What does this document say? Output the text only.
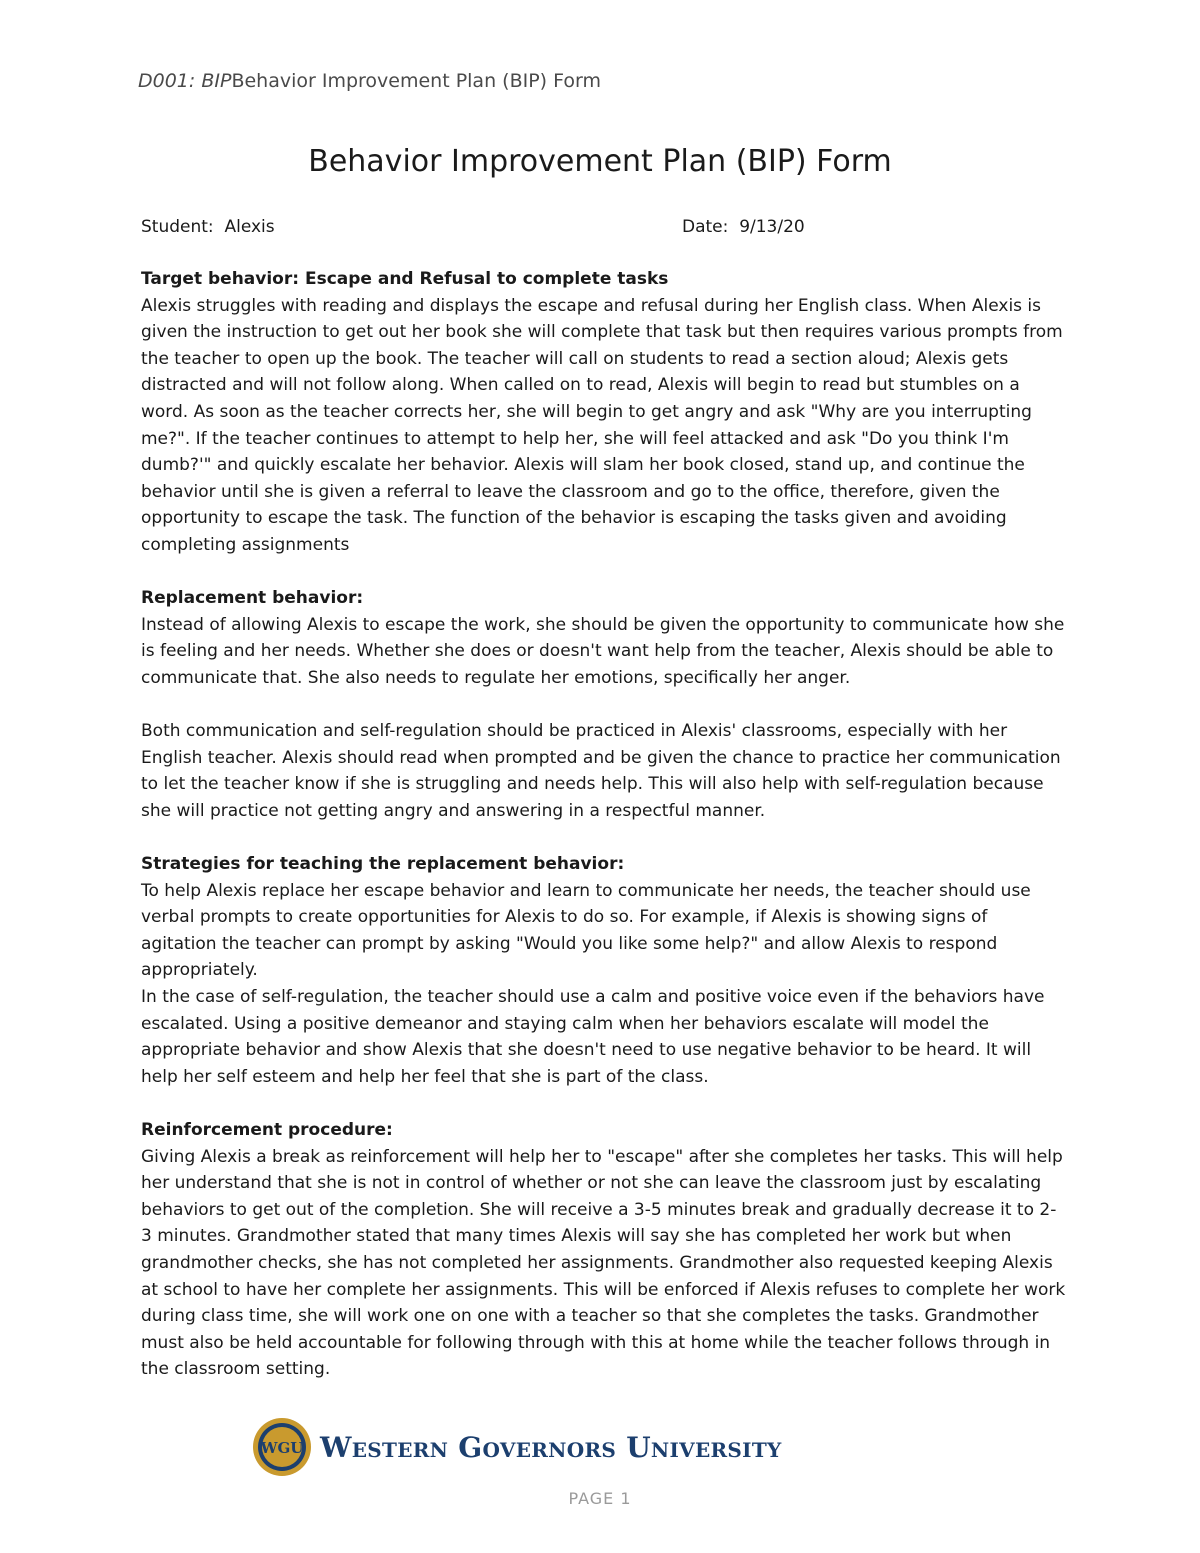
D001: BIPBehavior Improvement Plan (BIP) Form
Behavior Improvement Plan (BIP) Form
Student: Alexis	Date: 9/13/20
Target behavior: Escape and Refusal to complete tasks

Alexis struggles with reading and displays the escape and refusal during her English class. When Alexis is given the instruction to get out her book she will complete that task but then requires various prompts from the teacher to open up the book. The teacher will call on students to read a section aloud; Alexis gets distracted and will not follow along. When called on to read, Alexis will begin to read but stumbles on a word. As soon as the teacher corrects her, she will begin to get angry and ask "Why are you interrupting me?". If the teacher continues to attempt to help her, she will feel attacked and ask "Do you think I'm dumb?'" and quickly escalate her behavior. Alexis will slam her book closed, stand up, and continue the behavior until she is given a referral to leave the classroom and go to the office, therefore, given the opportunity to escape the task. The function of the behavior is escaping the tasks given and avoiding completing assignments

Replacement behavior:

Instead of allowing Alexis to escape the work, she should be given the opportunity to communicate how she is feeling and her needs. Whether she does or doesn't want help from the teacher, Alexis should be able to communicate that. She also needs to regulate her emotions, specifically her anger.

Both communication and self-regulation should be practiced in Alexis' classrooms, especially with her English teacher. Alexis should read when prompted and be given the chance to practice her communication to let the teacher know if she is struggling and needs help. This will also help with self-regulation because she will practice not getting angry and answering in a respectful manner.

Strategies for teaching the replacement behavior:

To help Alexis replace her escape behavior and learn to communicate her needs, the teacher should use verbal prompts to create opportunities for Alexis to do so. For example, if Alexis is showing signs of agitation the teacher can prompt by asking "Would you like some help?" and allow Alexis to respond appropriately.

In the case of self-regulation, the teacher should use a calm and positive voice even if the behaviors have escalated. Using a positive demeanor and staying calm when her behaviors escalate will model the appropriate behavior and show Alexis that she doesn't need to use negative behavior to be heard. It will help her self esteem and help her feel that she is part of the class.

Reinforcement procedure:

Giving Alexis a break as reinforcement will help her to "escape" after she completes her tasks. This will help her understand that she is not in control of whether or not she can leave the classroom just by escalating behaviors to get out of the completion. She will receive a 3-5 minutes break and gradually decrease it to 2-3 minutes. Grandmother stated that many times Alexis will say she has completed her work but when grandmother checks, she has not completed her assignments. Grandmother also requested keeping Alexis at school to have her complete her assignments. This will be enforced if Alexis refuses to complete her work during class time, she will work one on one with a teacher so that she completes the tasks. Grandmother must also be held accountable for following through with this at home while the teacher follows through in the classroom setting.

WGU Western Governors University
PAGE 1
